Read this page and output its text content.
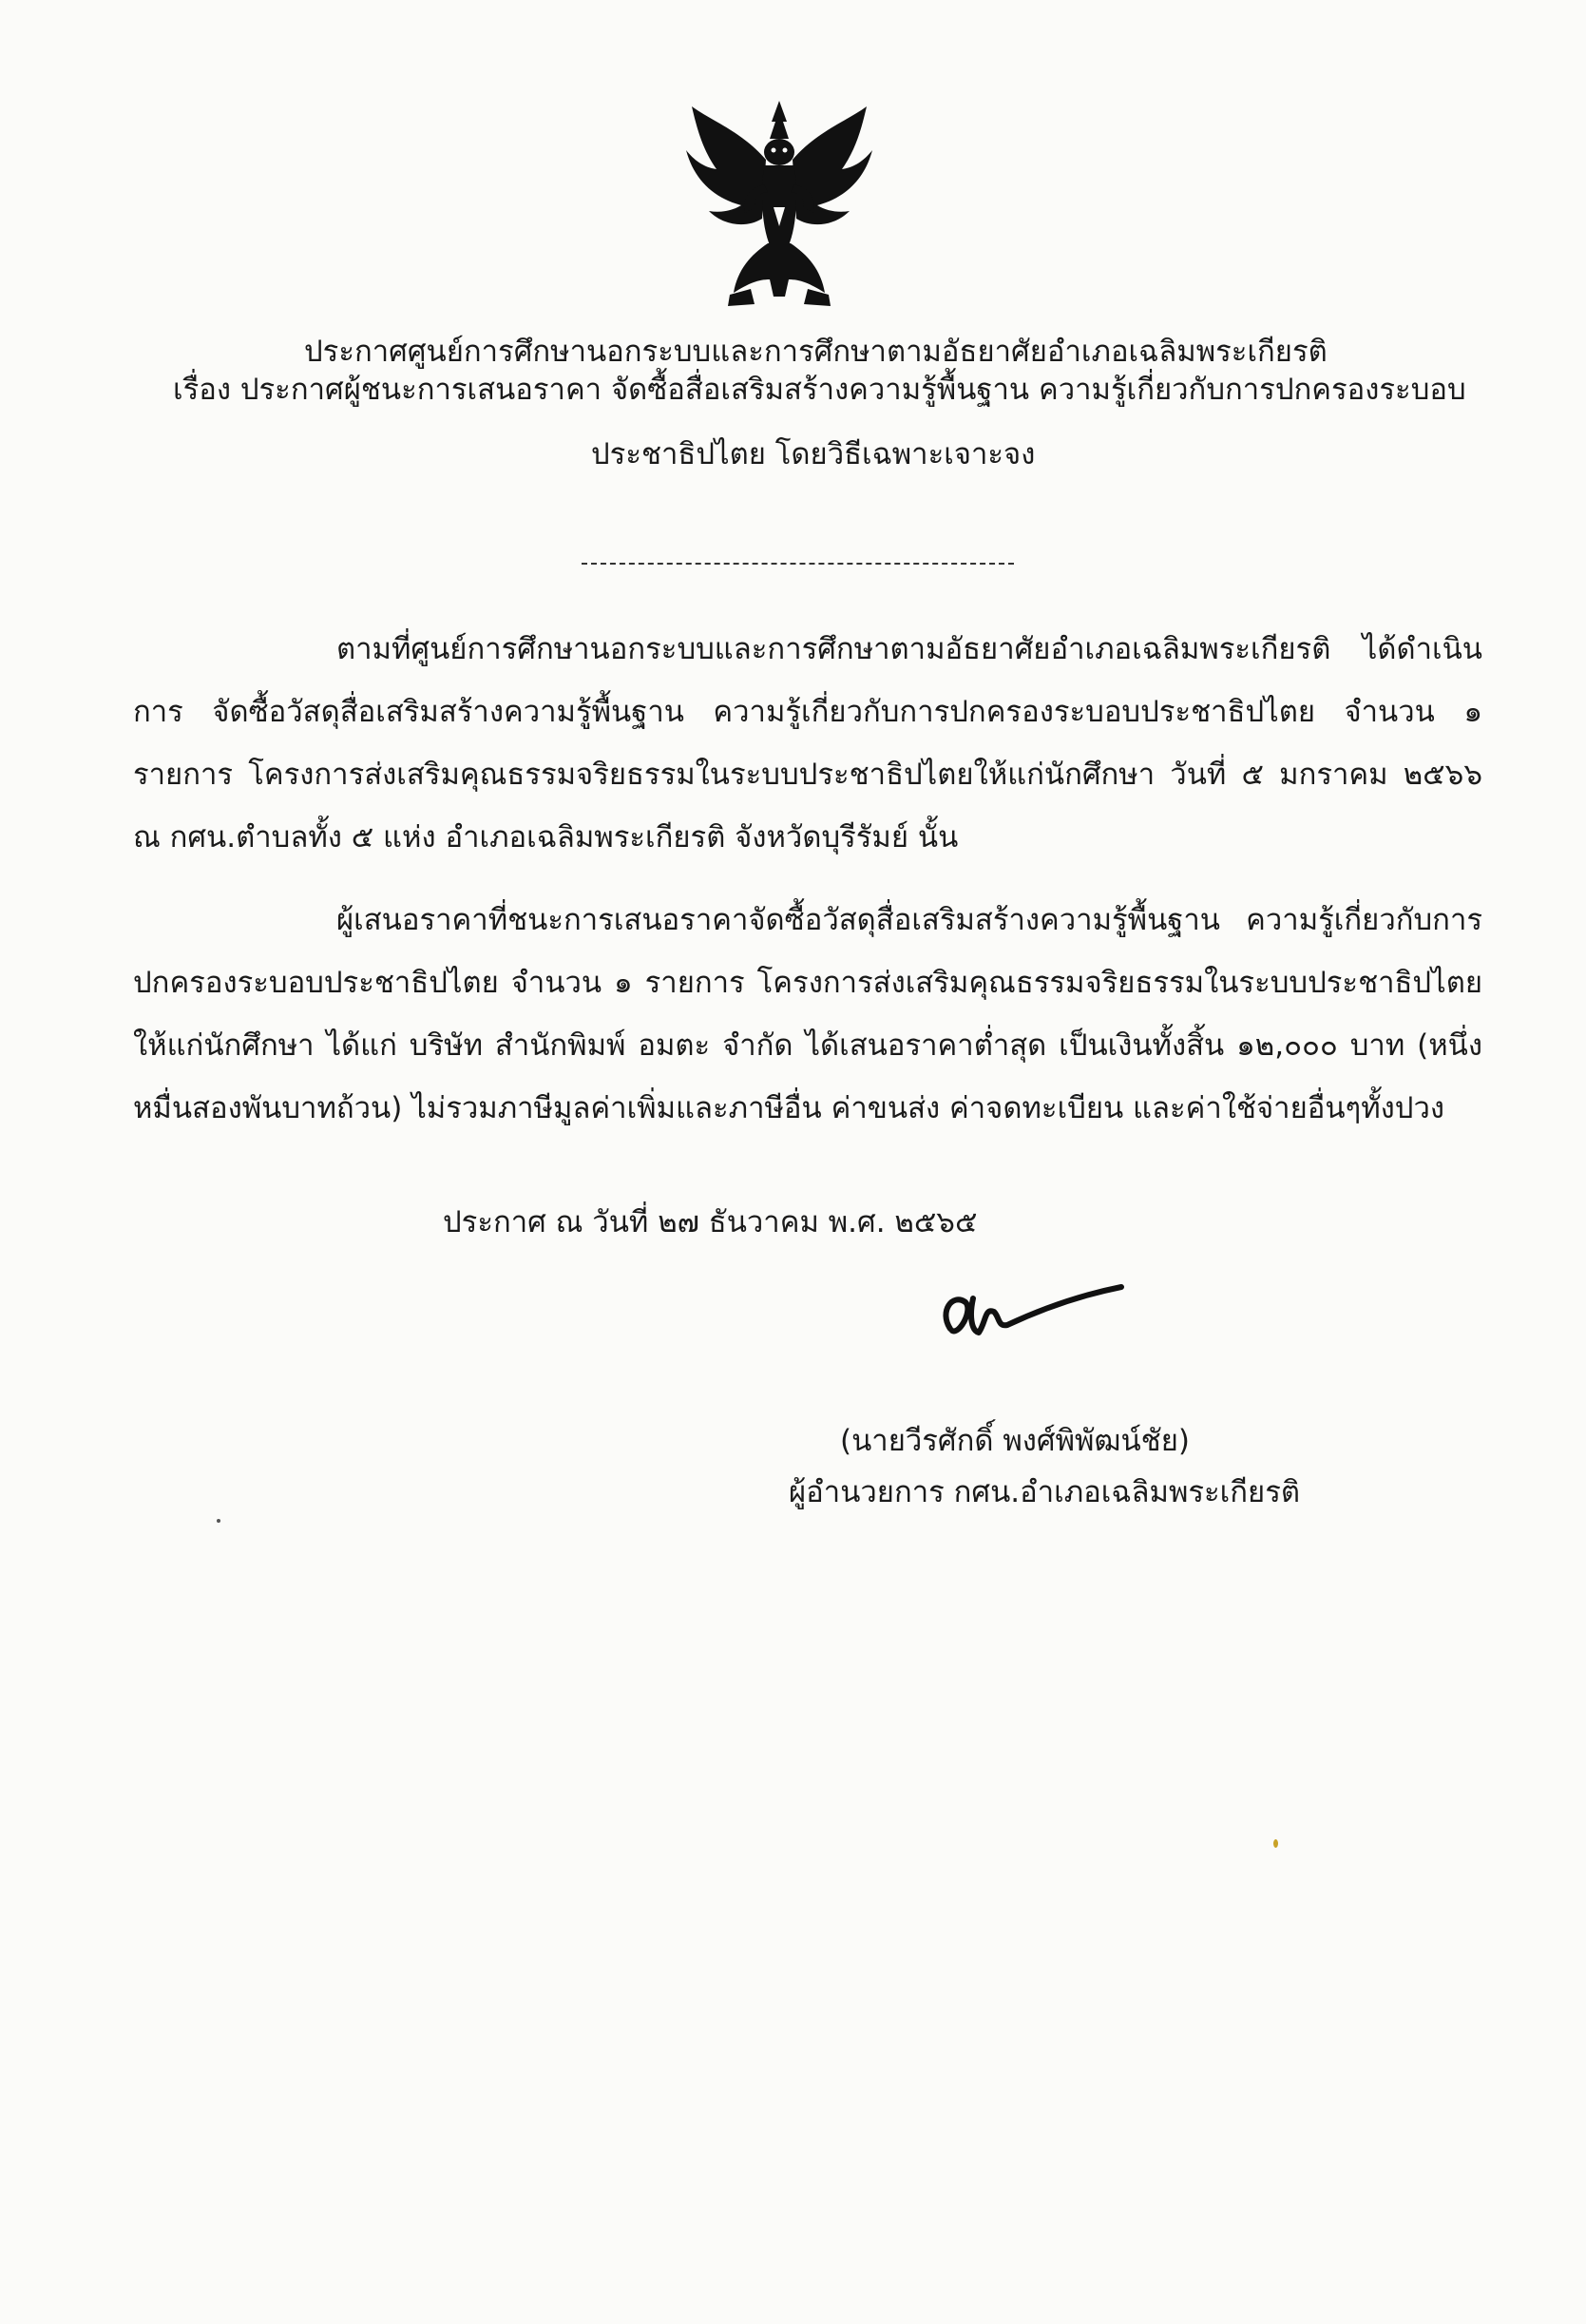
ประกาศศูนย์การศึกษานอกระบบและการศึกษาตามอัธยาศัยอำเภอเฉลิมพระเกียรติ
เรื่อง ประกาศผู้ชนะการเสนอราคา จัดซื้อสื่อเสริมสร้างความรู้พื้นฐาน ความรู้เกี่ยวกับการปกครองระบอบ
ประชาธิปไตย โดยวิธีเฉพาะเจาะจง
ตามที่ศูนย์การศึกษานอกระบบและการศึกษาตามอัธยาศัยอำเภอเฉลิมพระเกียรติ ได้ดำเนินการ จัดซื้อวัสดุสื่อเสริมสร้างความรู้พื้นฐาน ความรู้เกี่ยวกับการปกครองระบอบประชาธิปไตย จำนวน ๑ รายการ โครงการส่งเสริมคุณธรรมจริยธรรมในระบบประชาธิปไตยให้แก่นักศึกษา วันที่ ๕ มกราคม ๒๕๖๖ ณ กศน.ตำบลทั้ง ๕ แห่ง อำเภอเฉลิมพระเกียรติ จังหวัดบุรีรัมย์ นั้น
ผู้เสนอราคาที่ชนะการเสนอราคาจัดซื้อวัสดุสื่อเสริมสร้างความรู้พื้นฐาน ความรู้เกี่ยวกับการ ปกครองระบอบประชาธิปไตย จำนวน ๑ รายการ โครงการส่งเสริมคุณธรรมจริยธรรมในระบบประชาธิปไตย ให้แก่นักศึกษา ได้แก่ บริษัท สำนักพิมพ์ อมตะ จำกัด ได้เสนอราคาต่ำสุด เป็นเงินทั้งสิ้น ๑๒,๐๐๐ บาท (หนึ่งหมื่นสองพันบาทถ้วน) ไม่รวมภาษีมูลค่าเพิ่มและภาษีอื่น ค่าขนส่ง ค่าจดทะเบียน และค่าใช้จ่ายอื่นๆทั้งปวง
ประกาศ ณ วันที่ ๒๗ ธันวาคม พ.ศ. ๒๕๖๕
(นายวีรศักดิ์ พงศ์พิพัฒน์ชัย)
ผู้อำนวยการ กศน.อำเภอเฉลิมพระเกียรติ
